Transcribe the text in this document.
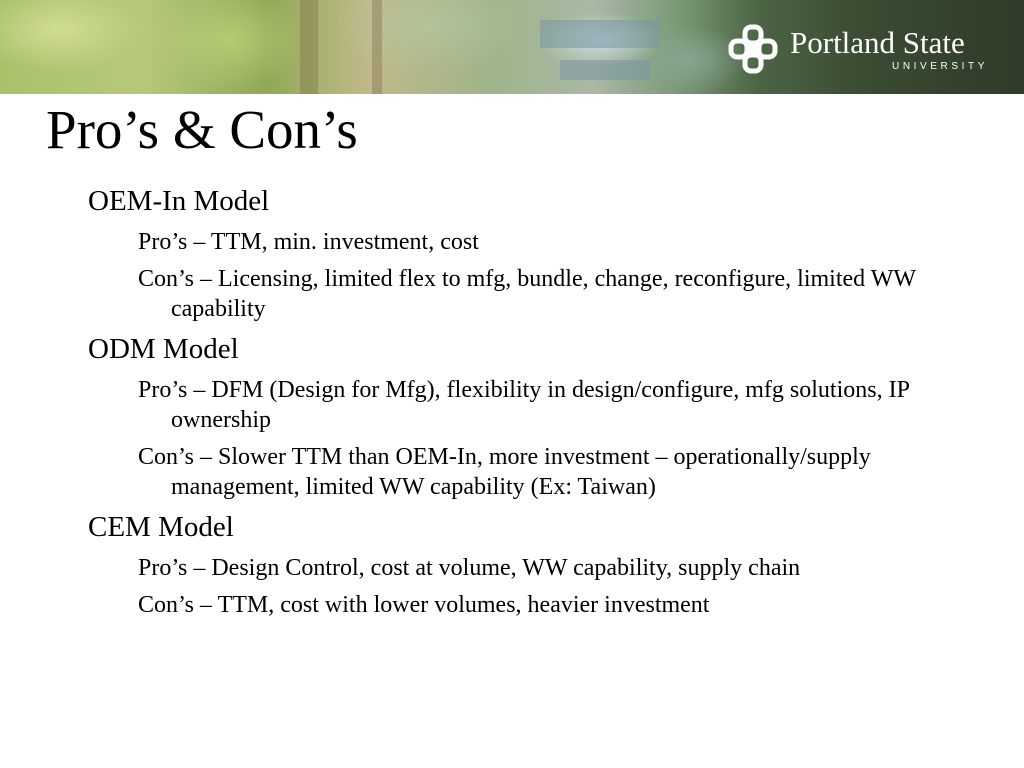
Portland State
UNIVERSITY
Pro’s & Con’s
OEM-In Model
Pro’s – TTM, min. investment, cost
Con’s – Licensing, limited flex to mfg, bundle, change, reconfigure, limited WW capability
ODM Model
Pro’s – DFM (Design for Mfg), flexibility in design/configure, mfg solutions, IP ownership
Con’s – Slower TTM than OEM-In, more investment – operationally/supply management, limited WW capability (Ex: Taiwan)
CEM Model
Pro’s – Design Control, cost at volume, WW capability, supply chain
Con’s – TTM, cost with lower volumes, heavier investment
